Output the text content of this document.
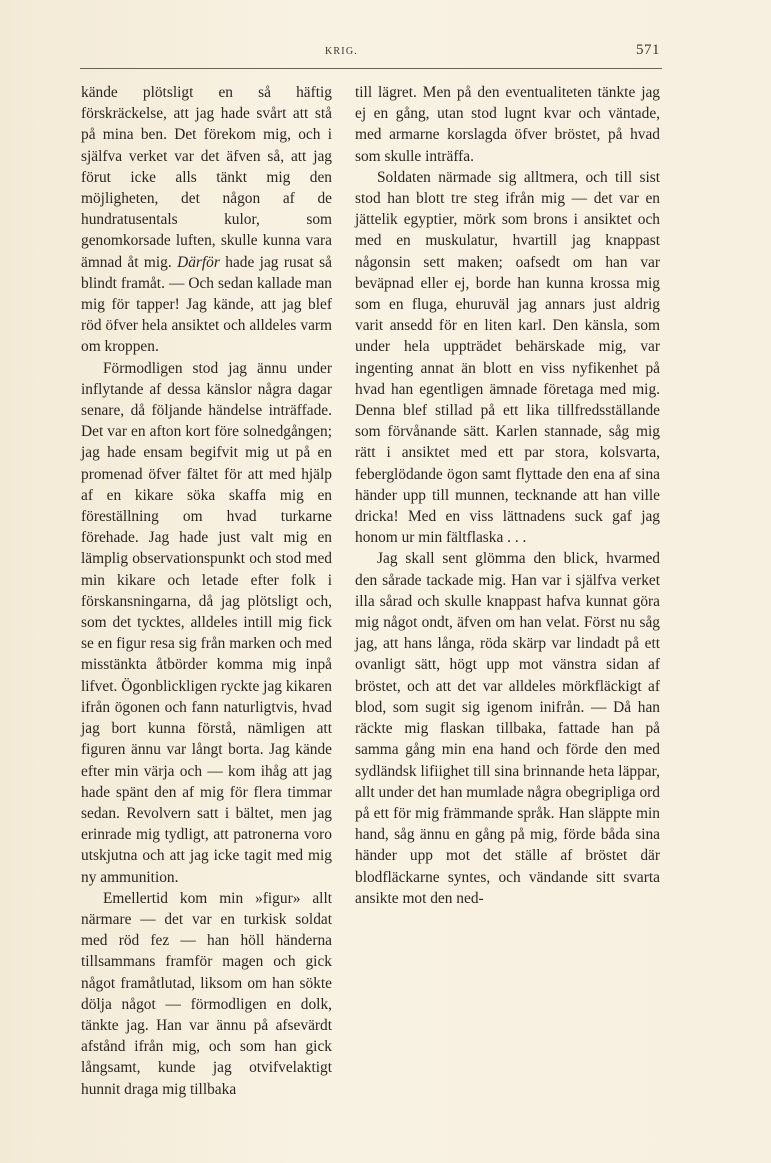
KRIG.	571

kände plötsligt en så häftig förskräckelse, att jag hade svårt att stå på mina ben. Det förekom mig, och i själfva verket var det äfven så, att jag förut icke alls tänkt mig den möjligheten, det någon af de hundratusentals kulor, som genomkorsade luften, skulle kunna vara ämnad åt mig. Därför hade jag rusat så blindt framåt. — Och sedan kallade man mig för tapper! Jag kände, att jag blef röd öfver hela ansiktet och alldeles varm om kroppen.

Förmodligen stod jag ännu under inflytande af dessa känslor några dagar senare, då följande händelse inträffade. Det var en afton kort före solnedgången; jag hade ensam begifvit mig ut på en promenad öfver fältet för att med hjälp af en kikare söka skaffa mig en föreställning om hvad turkarne förehade. Jag hade just valt mig en lämplig observationspunkt och stod med min kikare och letade efter folk i förskansningarna, då jag plötsligt och, som det tycktes, alldeles intill mig fick se en figur resa sig från marken och med misstänkta åtbörder komma mig inpå lifvet. Ögonblickligen ryckte jag kikaren ifrån ögonen och fann naturligtvis, hvad jag bort kunna förstå, nämligen att figuren ännu var långt borta. Jag kände efter min värja och — kom ihåg att jag hade spänt den af mig för flera timmar sedan. Revolvern satt i bältet, men jag erinrade mig tydligt, att patronerna voro utskjutna och att jag icke tagit med mig ny ammunition.

Emellertid kom min »figur» allt närmare — det var en turkisk soldat med röd fez — han höll händerna tillsammans framför magen och gick något framåtlutad, liksom om han sökte dölja något — förmodligen en dolk, tänkte jag. Han var ännu på afsevärdt afstånd ifrån mig, och som han gick långsamt, kunde jag otvifvelaktigt hunnit draga mig tillbaka

till lägret. Men på den eventualiteten tänkte jag ej en gång, utan stod lugnt kvar och väntade, med armarne korslagda öfver bröstet, på hvad som skulle inträffa.

Soldaten närmade sig alltmera, och till sist stod han blott tre steg ifrån mig — det var en jättelik egyptier, mörk som brons i ansiktet och med en muskulatur, hvartill jag knappast någonsin sett maken; oafsedt om han var beväpnad eller ej, borde han kunna krossa mig som en fluga, ehuruväl jag annars just aldrig varit ansedd för en liten karl. Den känsla, som under hela uppträdet behärskade mig, var ingenting annat än blott en viss nyfikenhet på hvad han egentligen ämnade företaga med mig. Denna blef stillad på ett lika tillfredsställande som förvånande sätt. Karlen stannade, såg mig rätt i ansiktet med ett par stora, kolsvarta, feberglödande ögon samt flyttade den ena af sina händer upp till munnen, tecknande att han ville dricka! Med en viss lättnadens suck gaf jag honom ur min fältflaska . . .

Jag skall sent glömma den blick, hvarmed den sårade tackade mig. Han var i själfva verket illa sårad och skulle knappast hafva kunnat göra mig något ondt, äfven om han velat. Först nu såg jag, att hans långa, röda skärp var lindadt på ett ovanligt sätt, högt upp mot vänstra sidan af bröstet, och att det var alldeles mörkfläckigt af blod, som sugit sig igenom inifrån. — Då han räckte mig flaskan tillbaka, fattade han på samma gång min ena hand och förde den med sydländsk lifiighet till sina brinnande heta läppar, allt under det han mumlade några obegripliga ord på ett för mig främmande språk. Han släppte min hand, såg ännu en gång på mig, förde båda sina händer upp mot det ställe af bröstet där blodfläckarne syntes, och vändande sitt svarta ansikte mot den ned-
